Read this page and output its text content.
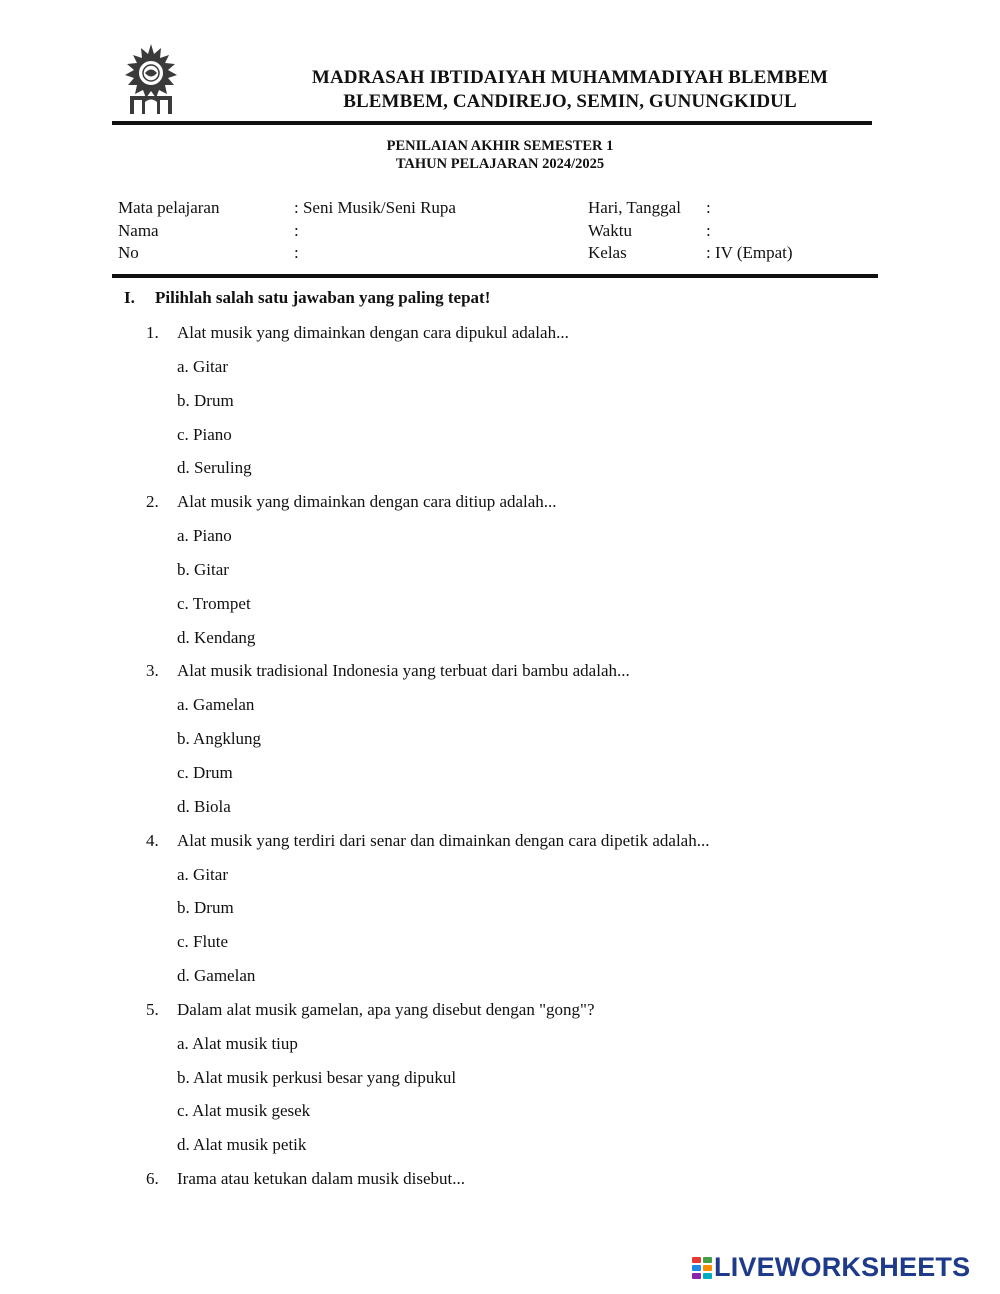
MADRASAH IBTIDAIYAH MUHAMMADIYAH BLEMBEM
BLEMBEM, CANDIREJO, SEMIN, GUNUNGKIDUL
PENILAIAN AKHIR SEMESTER 1
TAHUN PELAJARAN 2024/2025
Mata pelajaran	: Seni Musik/Seni Rupa	Hari, Tanggal :
Nama	:	Waktu	:
No	:	Kelas	: IV (Empat)
I. Pilihlah salah satu jawaban yang paling tepat!
1.	Alat musik yang dimainkan dengan cara dipukul adalah...
a. Gitar
b. Drum
c. Piano
d. Seruling
2.	Alat musik yang dimainkan dengan cara ditiup adalah...
a. Piano
b. Gitar
c. Trompet
d. Kendang
3.	Alat musik tradisional Indonesia yang terbuat dari bambu adalah...
a. Gamelan
b. Angklung
c. Drum
d. Biola
4.	Alat musik yang terdiri dari senar dan dimainkan dengan cara dipetik adalah...
a. Gitar
b. Drum
c. Flute
d. Gamelan
5.	Dalam alat musik gamelan, apa yang disebut dengan "gong"?
a. Alat musik tiup
b. Alat musik perkusi besar yang dipukul
c. Alat musik gesek
d. Alat musik petik
6.	Irama atau ketukan dalam musik disebut...
LIVEWORKSHEETS
